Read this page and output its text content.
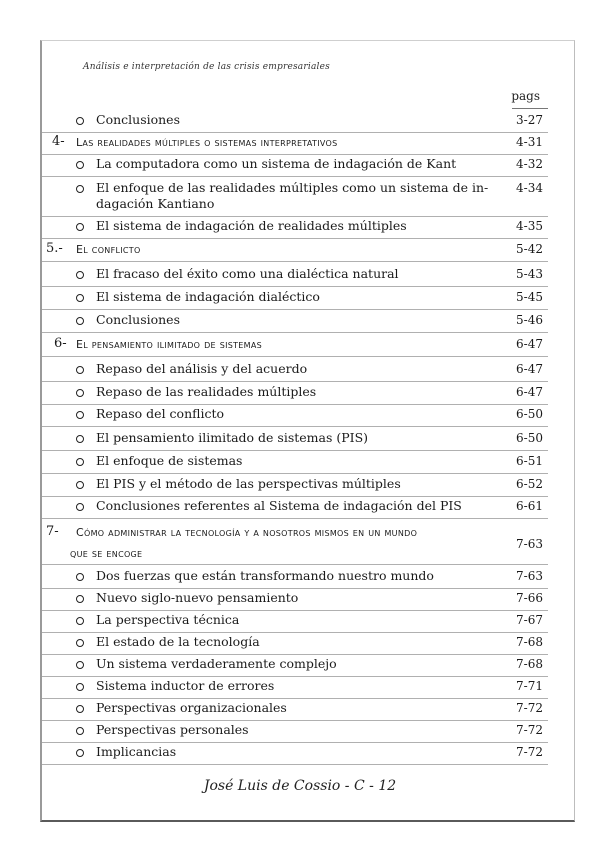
Análisis e interpretación de las crisis empresariales
pags
Conclusiones	3-27
4- Las realidades múltiples o sistemas interpretativos	4-31
La computadora como un sistema de indagación de Kant	4-32
El enfoque de las realidades múltiples como un sistema de in-
dagación Kantiano
4-34
El sistema de indagación de realidades múltiples	4-35
5.- El conflicto	5-42
El fracaso del éxito como una dialéctica natural	5-43
El sistema de indagación dialéctico	5-45
Conclusiones	5-46
6- El pensamiento ilimitado de sistemas	6-47
Repaso del análisis y del acuerdo	6-47
Repaso de las realidades múltiples	6-47
Repaso del conflicto	6-50
El pensamiento ilimitado de sistemas (PIS)	6-50
El enfoque de sistemas	6-51
El PIS y el método de las perspectivas múltiples	6-52
Conclusiones referentes al Sistema de indagación del PIS	6-61
7- Cómo administrar la tecnología y a nosotros mismos en un mundo
que se encoge
7-63
Dos fuerzas que están transformando nuestro mundo	7-63
Nuevo siglo-nuevo pensamiento	7-66
La perspectiva técnica	7-67
El estado de la tecnología	7-68
Un sistema verdaderamente complejo	7-68
Sistema inductor de errores	7-71
Perspectivas organizacionales	7-72
Perspectivas personales	7-72
Implicancias	7-72
José Luis de Cossio - C - 12
